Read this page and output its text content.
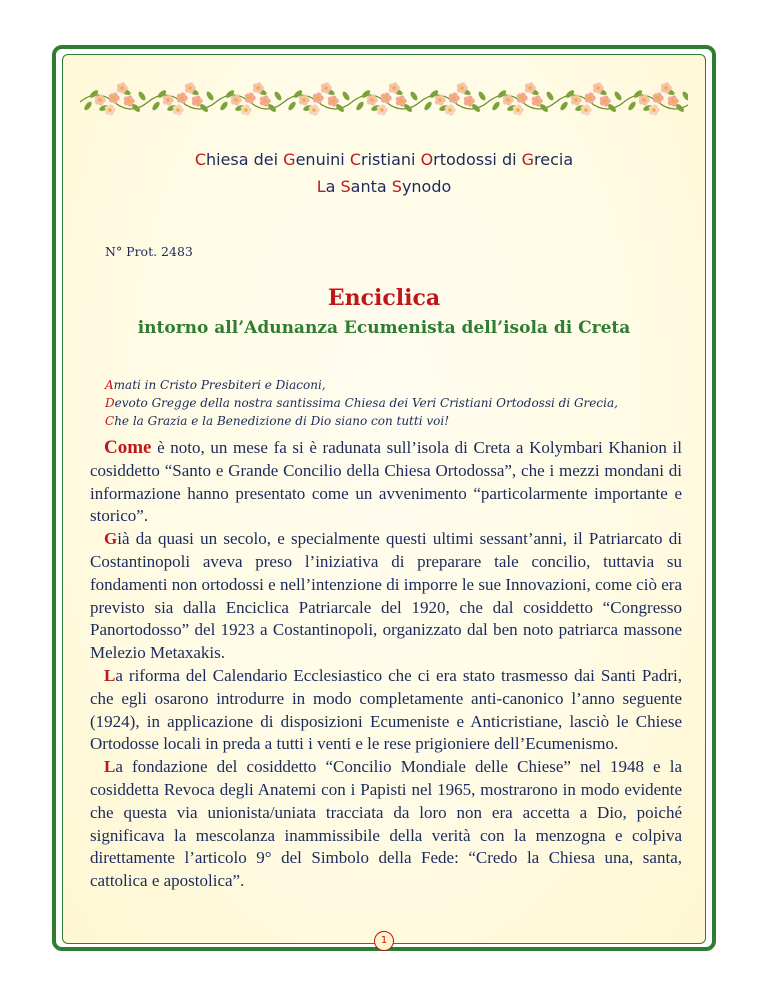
Chiesa dei Genuini Cristiani Ortodossi di Grecia
La Santa Synodo
N° Prot. 2483
Enciclica
intorno all’Adunanza Ecumenista dell’isola di Creta
Amati in Cristo Presbiteri e Diaconi,
Devoto Gregge della nostra santissima Chiesa dei Veri Cristiani Ortodossi di Grecia,
Che la Grazia e la Benedizione di Dio siano con tutti voi!

Come è noto, un mese fa si è radunata sull’isola di Creta a Kolymbari Khanion il cosiddetto “Santo e Grande Concilio della Chiesa Ortodossa”, che i mezzi mondani di informazione hanno presentato come un avvenimento “particolarmente importante e storico”.

Già da quasi un secolo, e specialmente questi ultimi sessant’anni, il Patriarcato di Costantinopoli aveva preso l’iniziativa di preparare tale concilio, tuttavia su fondamenti non ortodossi e nell’intenzione di imporre le sue Innovazioni, come ciò era previsto sia dalla Enciclica Patriarcale del 1920, che dal cosiddetto “Congresso Panortodosso” del 1923 a Costantinopoli, organizzato dal ben noto patriarca massone Melezio Metaxakis.

La riforma del Calendario Ecclesiastico che ci era stato trasmesso dai Santi Padri, che egli osarono introdurre in modo completamente anti-canonico l’anno seguente (1924), in applicazione di disposizioni Ecumeniste e Anticristiane, lasciò le Chiese Ortodosse locali in preda a tutti i venti e le rese prigioniere dell’Ecumenismo.

La fondazione del cosiddetto “Concilio Mondiale delle Chiese” nel 1948 e la cosiddetta Revoca degli Anatemi con i Papisti nel 1965, mostrarono in modo evidente che questa via unionista/uniata tracciata da loro non era accetta a Dio, poiché significava la mescolanza inammissibile della verità con la menzogna e colpiva direttamente l’articolo 9° del Simbolo della Fede: “Credo la Chiesa una, santa, cattolica e apostolica”.

1
